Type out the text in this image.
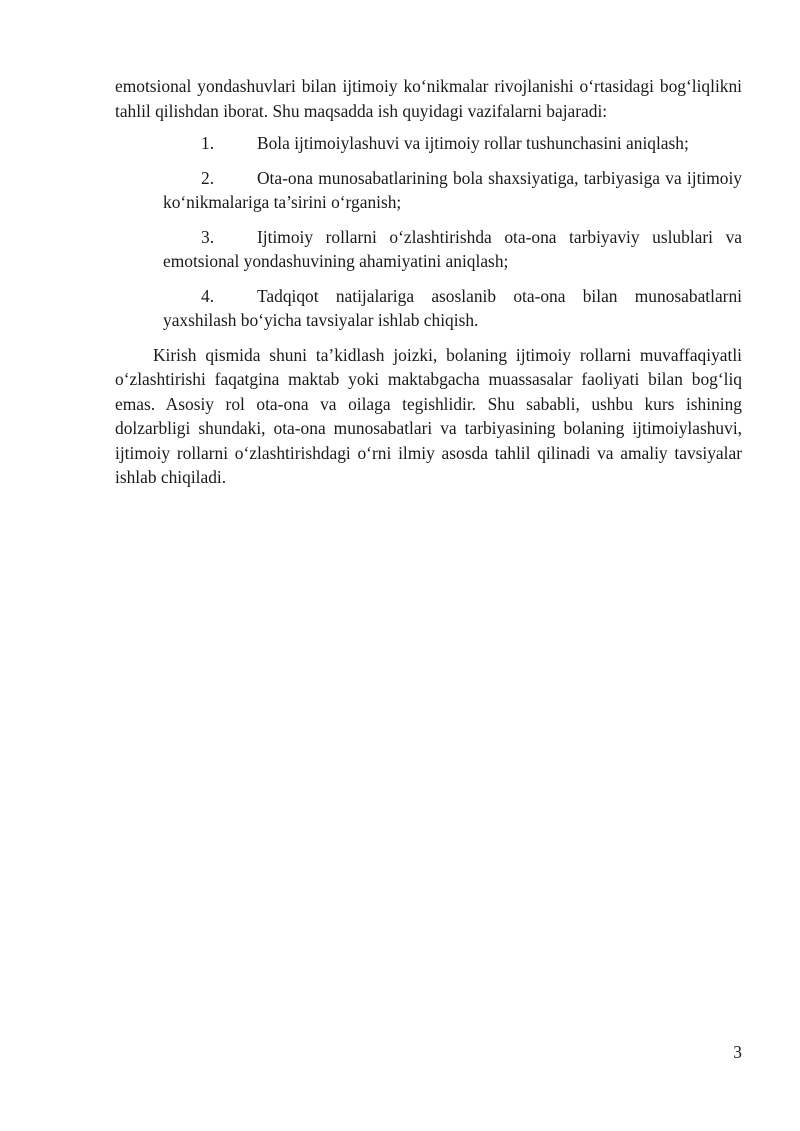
emotsional yondashuvlari bilan ijtimoiy ko‘nikmalar rivojlanishi o‘rtasidagi bog‘liqlikni tahlil qilishdan iborat. Shu maqsadda ish quyidagi vazifalarni bajaradi:

1.	Bola ijtimoiylashuvi va ijtimoiy rollar tushunchasini aniqlash;
2.	Ota-ona munosabatlarining bola shaxsiyatiga, tarbiyasiga va ijtimoiy ko‘nikmalariga ta’sirini o‘rganish;
3.	Ijtimoiy rollarni o‘zlashtirishda ota-ona tarbiyaviy uslublari va emotsional yondashuvining ahamiyatini aniqlash;
4.	Tadqiqot natijalariga asoslanib ota-ona bilan munosabatlarni yaxshilash bo‘yicha tavsiyalar ishlab chiqish.

Kirish qismida shuni ta’kidlash joizki, bolaning ijtimoiy rollarni muvaffaqiyatli o‘zlashtirishi faqatgina maktab yoki maktabgacha muassasalar faoliyati bilan bog‘liq emas. Asosiy rol ota-ona va oilaga tegishlidir. Shu sababli, ushbu kurs ishining dolzarbligi shundaki, ota-ona munosabatlari va tarbiyasining bolaning ijtimoiylashuvi, ijtimoiy rollarni o‘zlashtirishdagi o‘rni ilmiy asosda tahlil qilinadi va amaliy tavsiyalar ishlab chiqiladi.

3
